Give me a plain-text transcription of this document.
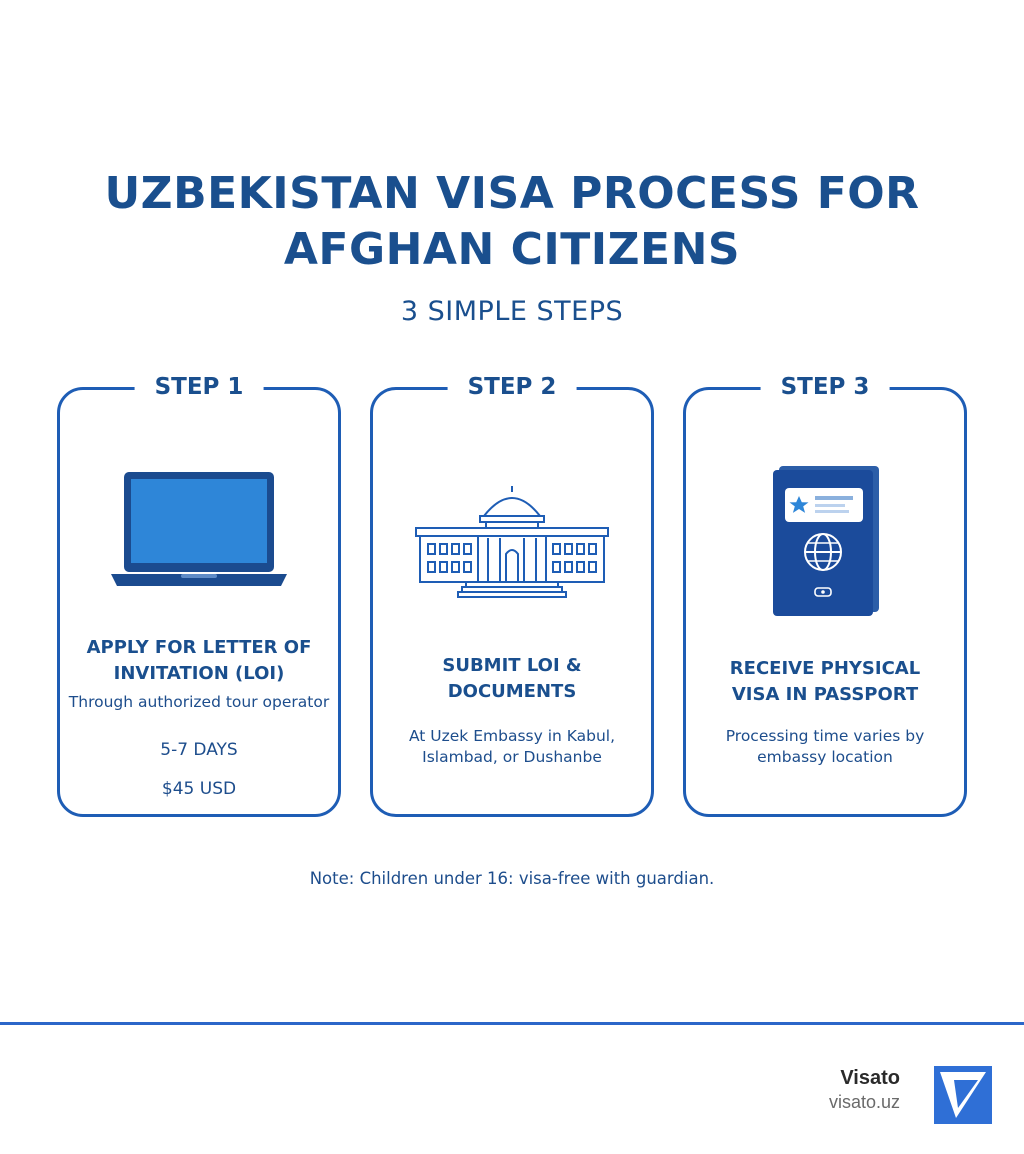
UZBEKISTAN VISA PROCESS FOR
AFGHAN CITIZENS
3 SIMPLE STEPS
STEP 1
APPLY FOR LETTER OF
INVITATION (LOI)
Through authorized tour operator
5-7 DAYS
$45 USD
STEP 2
SUBMIT LOI &
DOCUMENTS
At Uzek Embassy in Kabul,
Islambad, or Dushanbe
STEP 3
RECEIVE PHYSICAL
VISA IN PASSPORT
Processing time varies by
embassy location
Note: Children under 16: visa-free with guardian.
Visato
visato.uz
